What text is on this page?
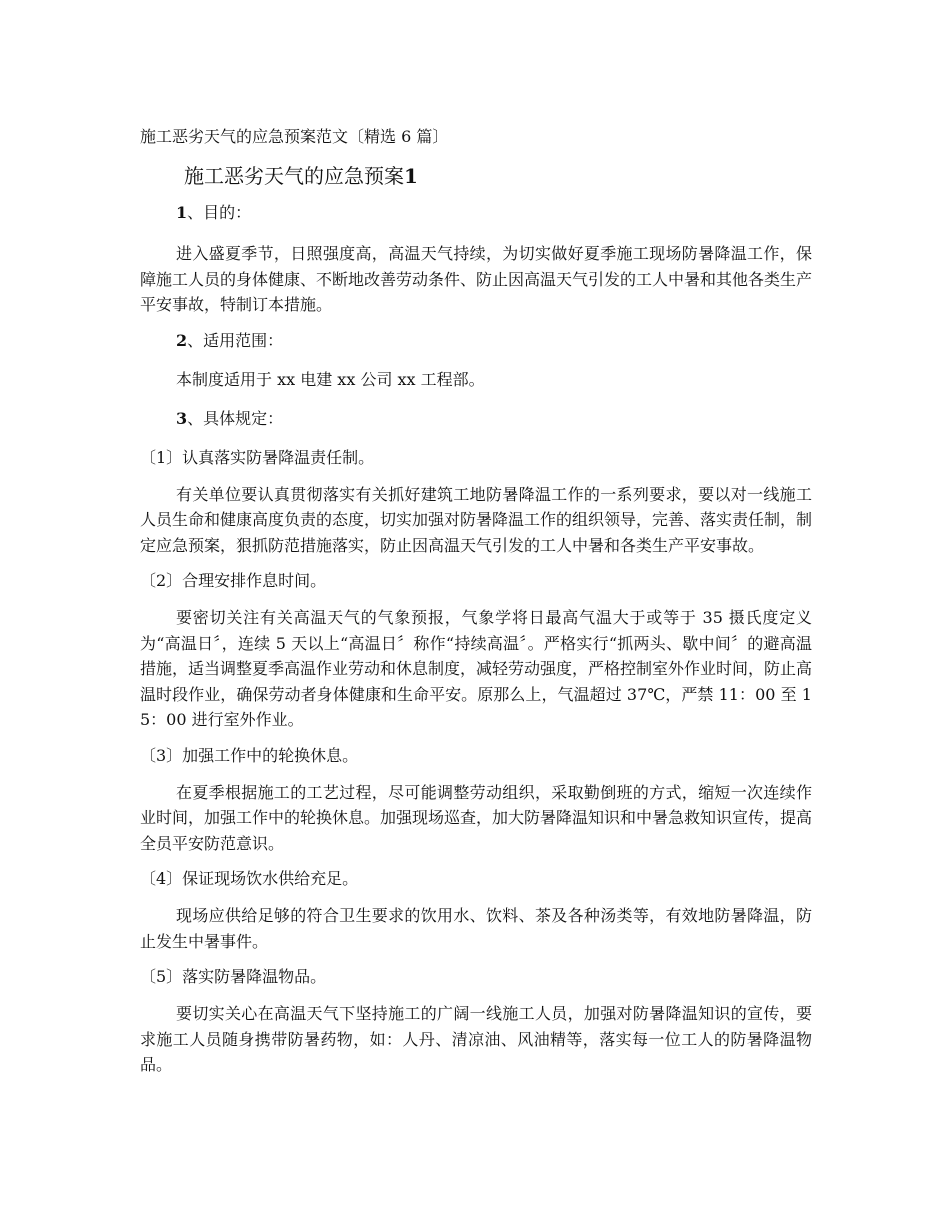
施工恶劣天气的应急预案范文〔精选 6 篇〕
施工恶劣天气的应急预案1
1、目的：

进入盛夏季节，日照强度高，高温天气持续，为切实做好夏季施工现场防暑降温工作，保障施工人员的身体健康、不断地改善劳动条件、防止因高温天气引发的工人中暑和其他各类生产平安事故，特制订本措施。

2、适用范围：
本制度适用于 xx 电建 xx 公司 xx 工程部。
3、具体规定：
〔1〕认真落实防暑降温责任制。

有关单位要认真贯彻落实有关抓好建筑工地防暑降温工作的一系列要求，要以对一线施工人员生命和健康高度负责的态度，切实加强对防暑降温工作的组织领导，完善、落实责任制，制定应急预案，狠抓防范措施落实，防止因高温天气引发的工人中暑和各类生产平安事故。

〔2〕合理安排作息时间。

要密切关注有关高温天气的气象预报，气象学将日最高气温大于或等于 35 摄氏度定义为“高温日〞，连续 5 天以上“高温日〞称作“持续高温〞。严格实行“抓两头、歇中间〞的避高温措施，适当调整夏季高温作业劳动和休息制度，减轻劳动强度，严格控制室外作业时间，防止高温时段作业，确保劳动者身体健康和生命平安。原那么上，气温超过 37℃，严禁 11：00 至 15：00 进行室外作业。

〔3〕加强工作中的轮换休息。

在夏季根据施工的工艺过程，尽可能调整劳动组织，采取勤倒班的方式，缩短一次连续作业时间，加强工作中的轮换休息。加强现场巡查，加大防暑降温知识和中暑急救知识宣传，提高全员平安防范意识。

〔4〕保证现场饮水供给充足。

现场应供给足够的符合卫生要求的饮用水、饮料、茶及各种汤类等，有效地防暑降温，防止发生中暑事件。

〔5〕落实防暑降温物品。

要切实关心在高温天气下坚持施工的广阔一线施工人员，加强对防暑降温知识的宣传，要求施工人员随身携带防暑药物，如：人丹、清凉油、风油精等，落实每一位工人的防暑降温物品。
